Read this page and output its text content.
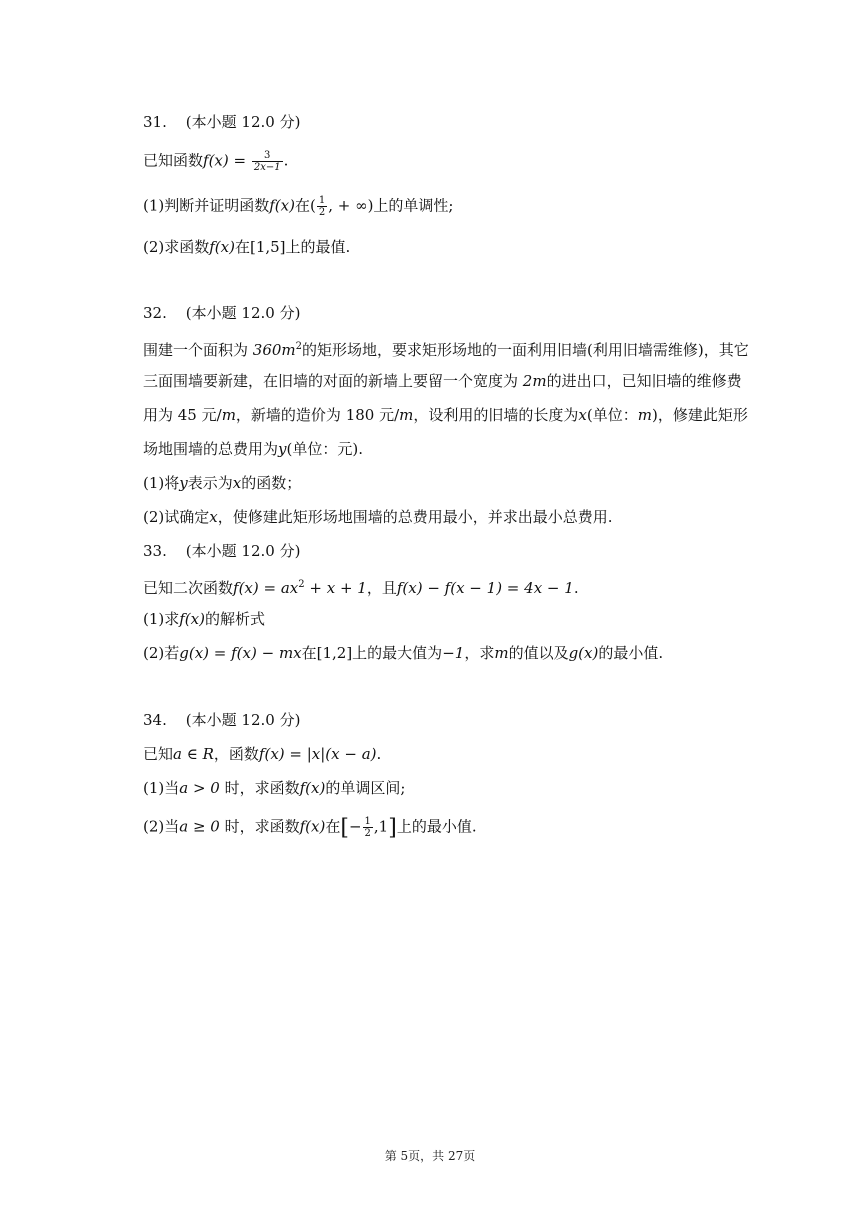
31. (本小题 12.0 分)
已知函数$f(x) = \frac{3}{2x-1}$ .
(1)判断并证明函数f(x)在( $\frac{1}{2}$ , + ∞)上的单调性;
(2)求函数f(x)在[1,5]上的最值.
32. (本小题 12.0 分)
围建一个面积为 $360m^2$的矩形场地，要求矩形场地的一面利用旧墙(利用旧墙需维修)，其它
三面围墙要新建，在旧墙的对面的新墙上要留一个宽度为 2m的进出口，已知旧墙的维修费
用为 45 元/m，新墙的造价为 180 元/m，设利用的旧墙的长度为x(单位：m)，修建此矩形
场地围墙的总费用为y(单位：元).
(1)将y表示为x的函数；
(2)试确定x，使修建此矩形场地围墙的总费用最小，并求出最小总费用.
33. (本小题 12.0 分)
已知二次函数$f(x) = ax^2 + x + 1$，且f(x) − f(x − 1) = 4x − 1.
(1)求f(x)的解析式
(2)若g(x) = f(x) − mx在[1,2]上的最大值为−1，求m的值以及g(x)的最小值.
34. (本小题 12.0 分)
已知a ∈ R，函数f(x) = |x|(x − a).
(1)当a > 0 时，求函数f(x)的单调区间;
(2)当a ≥ 0 时，求函数f(x)在[− $\frac{1}{2} ,1$]上的最小值.
第 5页，共 27页
